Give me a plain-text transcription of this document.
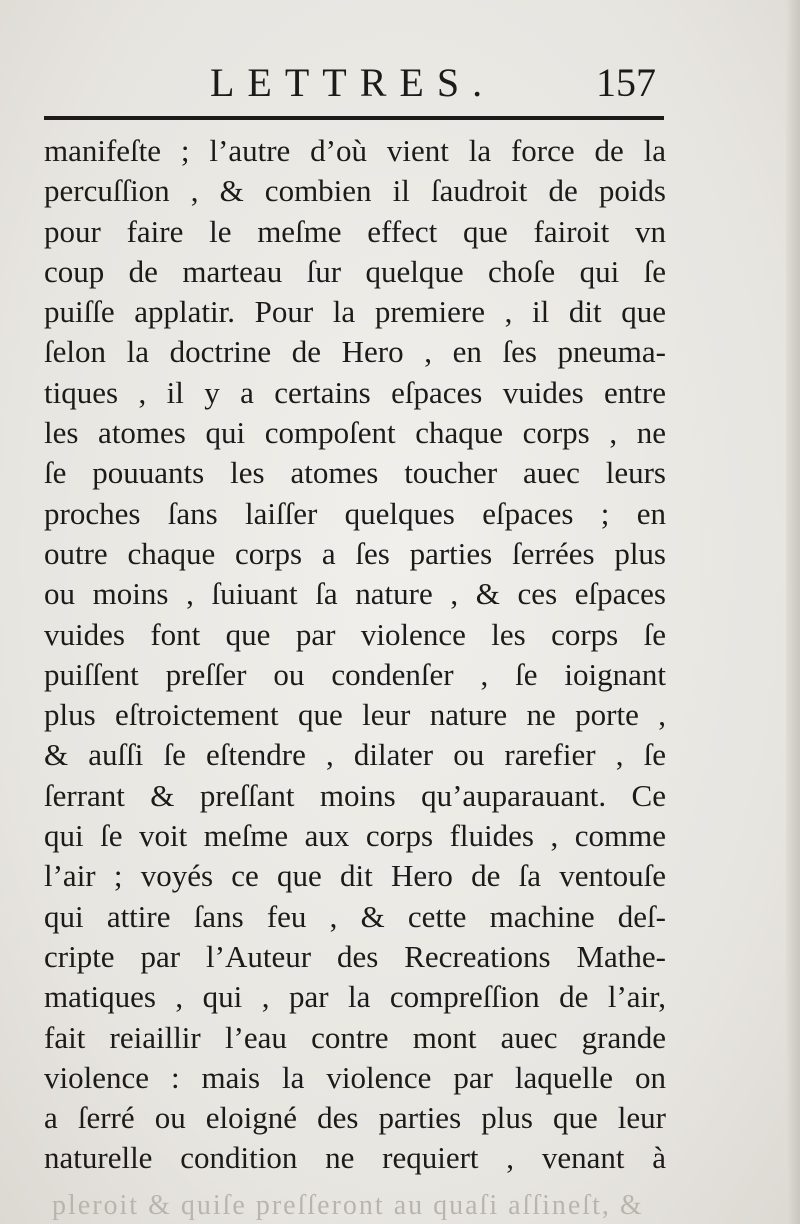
LETTRES.	157
manifeſte ; l’autre d’où vient la force de la
percuſſion , & combien il ſaudroit de poids
pour faire le meſme effect que fairoit vn
coup de marteau ſur quelque choſe qui ſe
puiſſe applatir. Pour la premiere , il dit que
ſelon la doctrine de Hero , en ſes pneuma-
tiques , il y a certains eſpaces vuides entre
les atomes qui compoſent chaque corps , ne
ſe pouuants les atomes toucher auec leurs
proches ſans laiſſer quelques eſpaces ; en
outre chaque corps a ſes parties ſerrées plus
ou moins , ſuiuant ſa nature , & ces eſpaces
vuides font que par violence les corps ſe
puiſſent preſſer ou condenſer , ſe ioignant
plus eſtroictement que leur nature ne porte ,
& auſſi ſe eſtendre , dilater ou rarefier , ſe
ſerrant & preſſant moins qu’auparauant. Ce
qui ſe voit meſme aux corps fluides , comme
l’air ; voyés ce que dit Hero de ſa ventouſe
qui attire ſans feu , & cette machine deſ-
cripte par l’Auteur des Recreations Mathe-
matiques , qui , par la compreſſion de l’air,
fait reiaillir l’eau contre mont auec grande
violence : mais la violence par laquelle on
a ſerré ou eloigné des parties plus que leur
naturelle condition ne requiert , venant à
pleroit & quiſe preſſeront au quaſi aſſineſt, &
